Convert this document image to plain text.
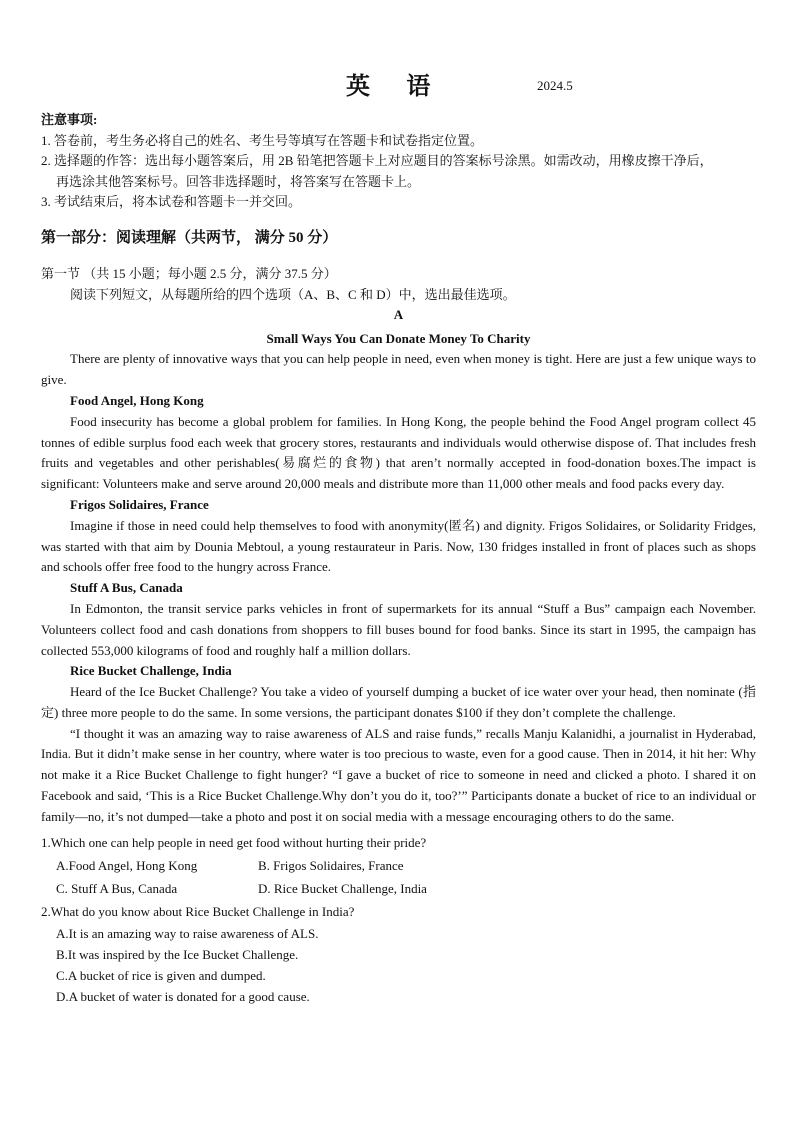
英 语	2024.5

注意事项:

1. 答卷前，考生务必将自己的姓名、考生号等填写在答题卡和试卷指定位置。

2. 选择题的作答：选出每小题答案后，用 2B 铅笔把答题卡上对应题目的答案标号涂黑。如需改动，用橡皮擦干净后，

再选涂其他答案标号。回答非选择题时，将答案写在答题卡上。

3. 考试结束后，将本试卷和答题卡一并交回。

第一部分：阅读理解（共两节， 满分 50 分）

第一节 （共 15 小题；每小题 2.5 分，满分 37.5 分）

阅读下列短文，从每题所给的四个选项（A、B、C 和 D）中，选出最佳选项。

A

Small Ways You Can Donate Money To Charity

There are plenty of innovative ways that you can help people in need, even when money is tight. Here are just a few unique ways to give.

Food Angel, Hong Kong

Food insecurity has become a global problem for families. In Hong Kong, the people behind the Food Angel program collect 45 tonnes of edible surplus food each week that grocery stores, restaurants and individuals would otherwise dispose of. That includes fresh fruits and vegetables and other perishables(易腐烂的食物) that aren’t normally accepted in food-donation boxes.The impact is significant: Volunteers make and serve around 20,000 meals and distribute more than 11,000 other meals and food packs every day.

Frigos Solidaires, France

Imagine if those in need could help themselves to food with anonymity(匿名) and dignity. Frigos Solidaires, or Solidarity Fridges, was started with that aim by Dounia Mebtoul, a young restaurateur in Paris. Now, 130 fridges installed in front of places such as shops and schools offer free food to the hungry across France.

Stuff A Bus, Canada

In Edmonton, the transit service parks vehicles in front of supermarkets for its annual “Stuff a Bus” campaign each November. Volunteers collect food and cash donations from shoppers to fill buses bound for food banks. Since its start in 1995, the campaign has collected 553,000 kilograms of food and roughly half a million dollars.

Rice Bucket Challenge, India

Heard of the Ice Bucket Challenge? You take a video of yourself dumping a bucket of ice water over your head, then nominate (指定) three more people to do the same. In some versions, the participant donates $100 if they don’t complete the challenge.

“I thought it was an amazing way to raise awareness of ALS and raise funds,” recalls Manju Kalanidhi, a journalist in Hyderabad, India. But it didn’t make sense in her country, where water is too precious to waste, even for a good cause. Then in 2014, it hit her: Why not make it a Rice Bucket Challenge to fight hunger? “I gave a bucket of rice to someone in need and clicked a photo. I shared it on Facebook and said, ‘This is a Rice Bucket Challenge.Why don’t you do it, too?’” Participants donate a bucket of rice to an individual or family—no, it’s not dumped—take a photo and post it on social media with a message encouraging others to do the same.

1.Which one can help people in need get food without hurting their pride?

A.Food Angel, Hong Kong	B. Frigos Solidaires, France
C. Stuff A Bus, Canada	D. Rice Bucket Challenge, India

2.What do you know about Rice Bucket Challenge in India?

A.It is an amazing way to raise awareness of ALS.

B.It was inspired by the Ice Bucket Challenge.

C.A bucket of rice is given and dumped.

D.A bucket of water is donated for a good cause.
